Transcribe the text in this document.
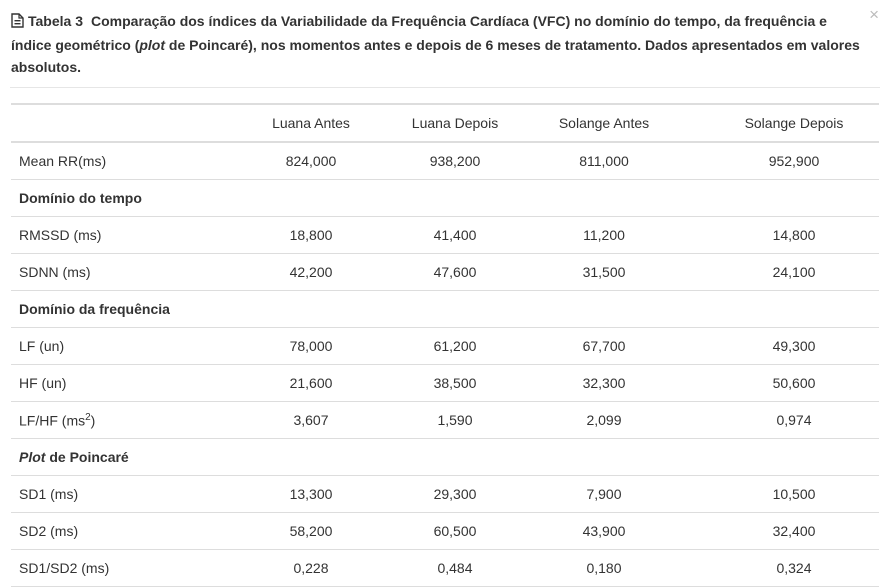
×
Tabela 3 Comparação dos índices da Variabilidade da Frequência Cardíaca (VFC) no domínio do tempo, da frequência e índice geométrico (plot de Poincaré), nos momentos antes e depois de 6 meses de tratamento. Dados apresentados em valores absolutos.
	Luana Antes	Luana Depois	Solange Antes	Solange Depois
Mean RR(ms)	824,000	938,200	811,000	952,900
Domínio do tempo				
RMSSD (ms)	18,800	41,400	11,200	14,800
SDNN (ms)	42,200	47,600	31,500	24,100
Domínio da frequência				
LF (un)	78,000	61,200	67,700	49,300
HF (un)	21,600	38,500	32,300	50,600
LF/HF $(ms^2)$	3,607	1,590	2,099	0,974
Plot de Poincaré				
SD1 (ms)	13,300	29,300	7,900	10,500
SD2 (ms)	58,200	60,500	43,900	32,400
SD1/SD2 (ms)	0,228	0,484	0,180	0,324
